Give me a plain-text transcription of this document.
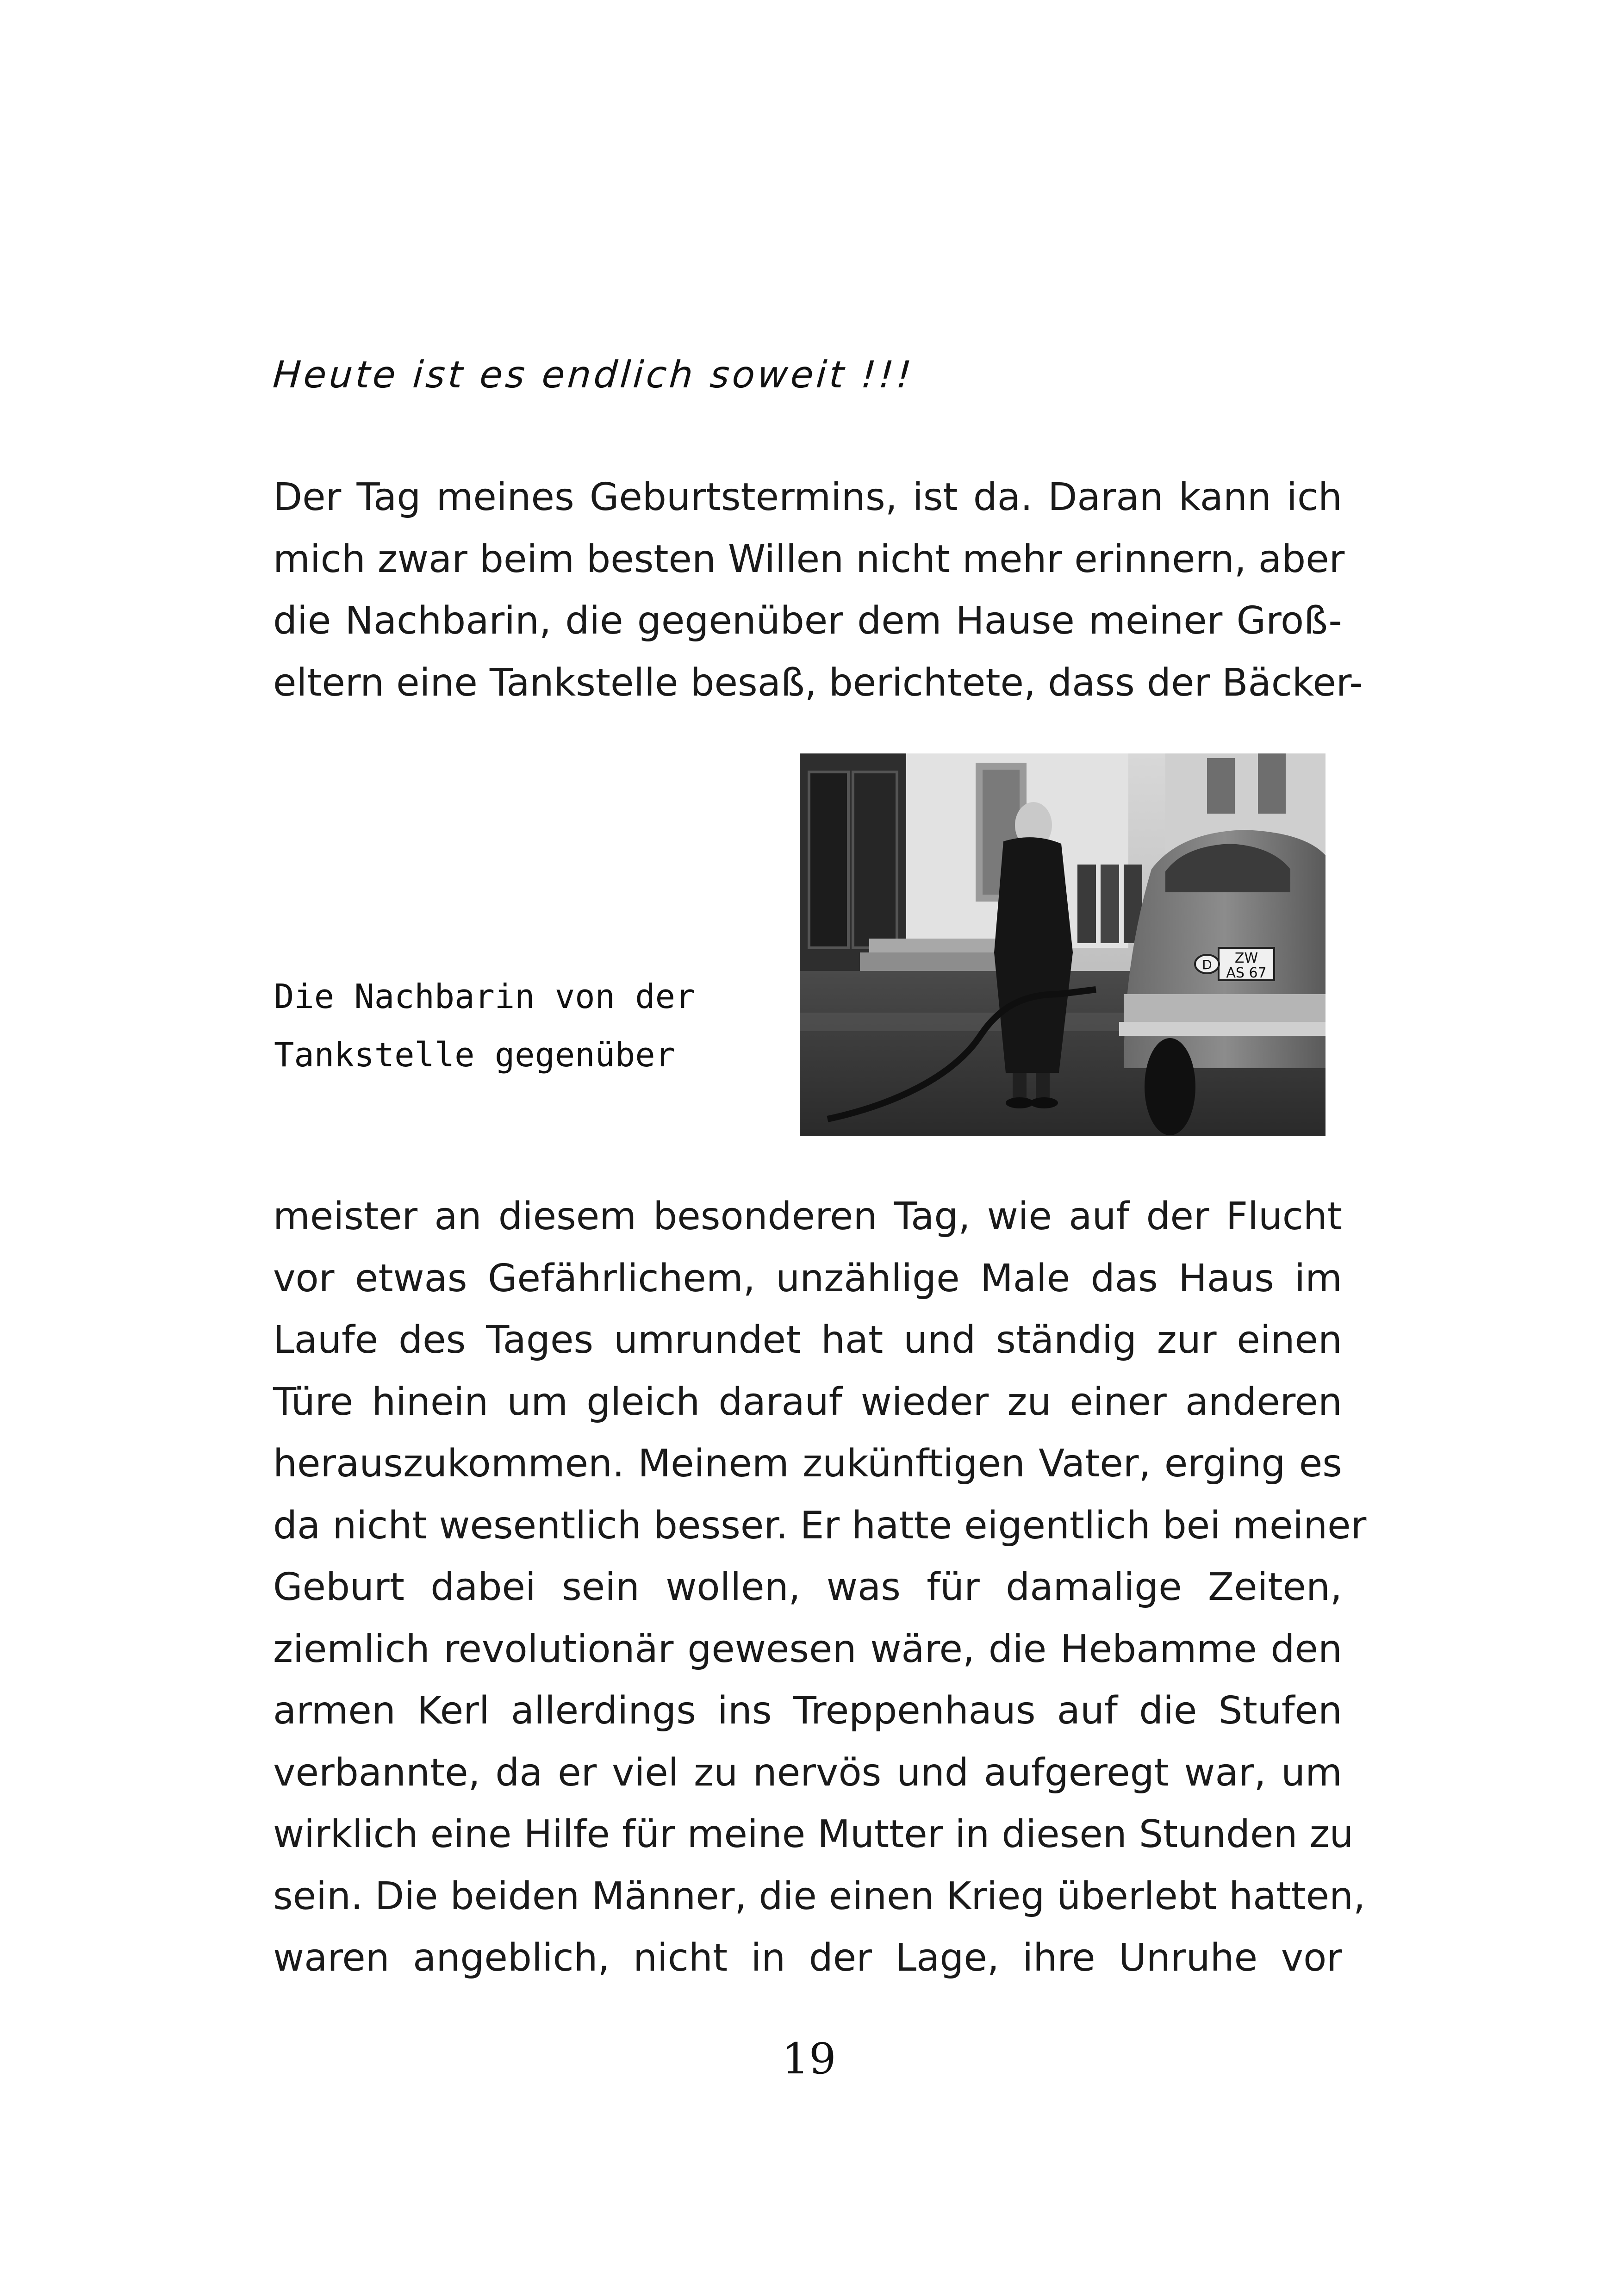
Heute ist es endlich soweit !!!
Der Tag meines Geburtstermins, ist da. Daran kann ich
mich zwar beim besten Willen nicht mehr erinnern, aber
die Nachbarin, die gegenüber dem Hause meiner Groß-
eltern eine Tankstelle besaß, berichtete, dass der Bäcker-
Die Nachbarin von der
Tankstelle gegenüber
D ZW
AS 67
meister an diesem besonderen Tag, wie auf der Flucht
vor etwas Gefährlichem, unzählige Male das Haus im
Laufe des Tages umrundet hat und ständig zur einen
Türe hinein um gleich darauf wieder zu einer anderen
herauszukommen. Meinem zukünftigen Vater, erging es
da nicht wesentlich besser. Er hatte eigentlich bei meiner
Geburt dabei sein wollen, was für damalige Zeiten,
ziemlich revolutionär gewesen wäre, die Hebamme den
armen Kerl allerdings ins Treppenhaus auf die Stufen
verbannte, da er viel zu nervös und aufgeregt war, um
wirklich eine Hilfe für meine Mutter in diesen Stunden zu
sein. Die beiden Männer, die einen Krieg überlebt hatten,
waren angeblich, nicht in der Lage, ihre Unruhe vor
19
